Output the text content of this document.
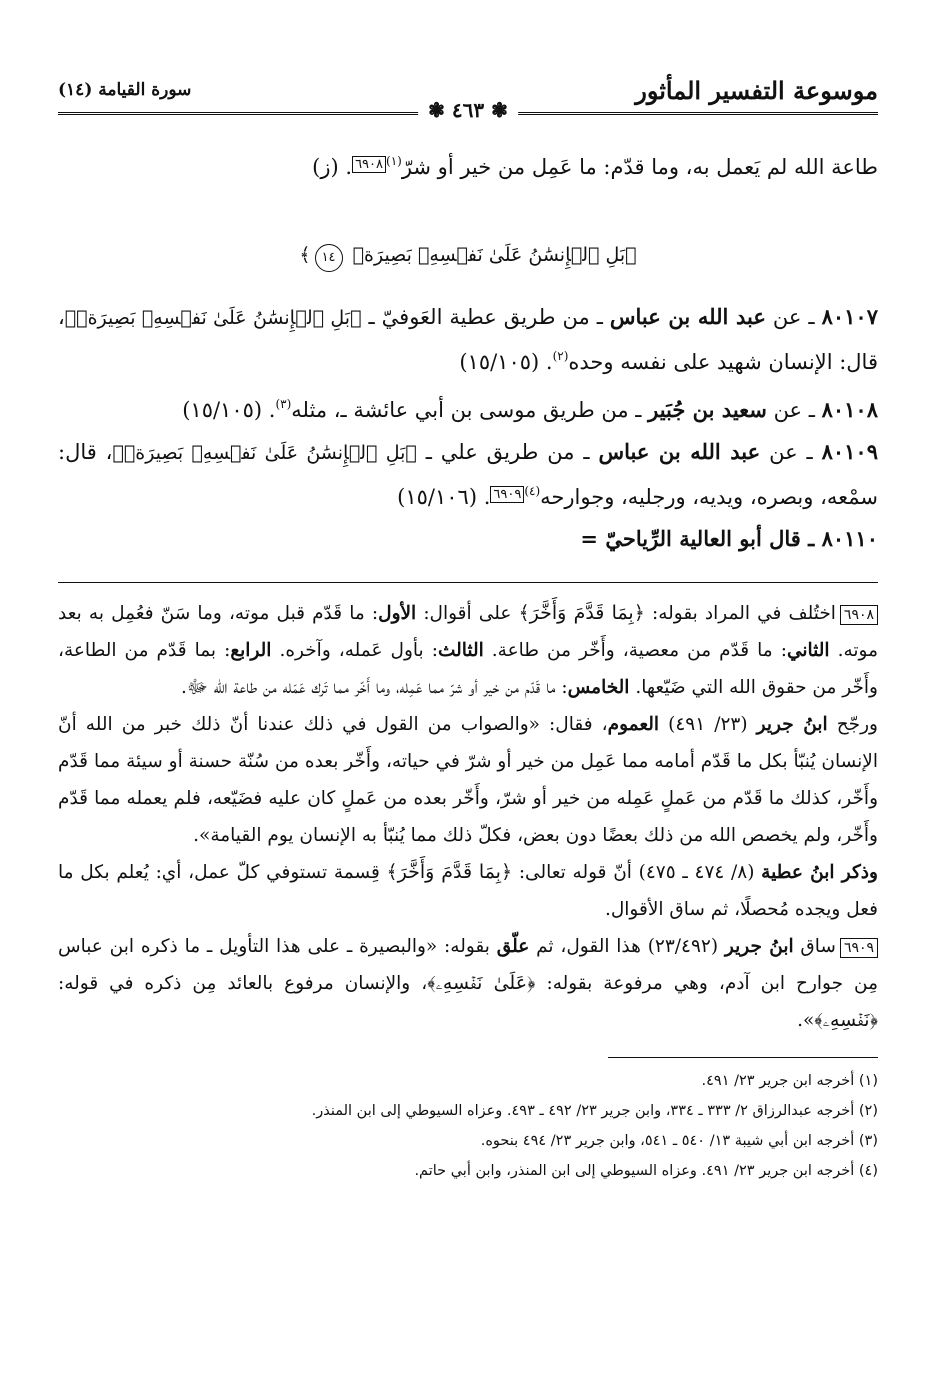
موسوعة التفسير المأثور
سورة القيامة (١٤)
❃ ٤٦٣ ❃

طاعة الله لم يَعمل به، وما قدّم: ما عَمِل من خير أو شرّ$^{(١)}$٦٩٠٨. (ز)

﴿بَلِ ٱلۡإِنسَٰنُ عَلَىٰ نَفۡسِهِۦ بَصِيرَةٞ ١٤﴾

٨٠١٠٧ ـ عن عبد الله بن عباس ـ من طريق عطية العَوفيّ ـ ﴿بَلِ ٱلۡإِنسَٰنُ عَلَىٰ نَفۡسِهِۦ بَصِيرَةٞ﴾، قال: الإنسان شهيد على نفسه وحده$^{(٢)}$. (١٥/١٠٥)

٨٠١٠٨ ـ عن سعيد بن جُبَير ـ من طريق موسى بن أبي عائشة ـ، مثله$^{(٣)}$. (١٥/١٠٥)

٨٠١٠٩ ـ عن عبد الله بن عباس ـ من طريق علي ـ ﴿بَلِ ٱلۡإِنسَٰنُ عَلَىٰ نَفۡسِهِۦ بَصِيرَةٞ﴾، قال: سمْعه، وبصره، ويديه، ورجليه، وجوارحه$^{(٤)}$٦٩٠٩. (١٥/١٠٦)

٨٠١١٠ ـ قال أبو العالية الرِّياحيّ =

٦٩٠٨اختُلف في المراد بقوله: ﴿بِمَا قَدَّمَ وَأَخَّرَ﴾ على أقوال: الأول: ما قَدّم قبل موته، وما سَنّ فعُمِل به بعد موته. الثاني: ما قَدّم من معصية، وأَخّر من طاعة. الثالث: بأول عَمله، وآخره. الرابع: بما قَدّم من الطاعة، وأَخّر من حقوق الله التي ضَيّعها. الخامس: ما قَدّم من خير أو شرّ مما عَمِله، وما أَخّر مما تَرك عَمَله من طاعة الله ﷻ.

ورجّح ابنُ جرير (٢٣/ ٤٩١) العموم، فقال: «والصواب من القول في ذلك عندنا أنّ ذلك خبر من الله أنّ الإنسان يُنبّأ بكل ما قَدّم أمامه مما عَمِل من خير أو شرّ في حياته، وأَخّر بعده من سُنّة حسنة أو سيئة مما قَدّم وأَخّر، كذلك ما قَدّم من عَملٍ عَمِله من خير أو شرّ، وأَخّر بعده من عَملٍ كان عليه فضَيّعه، فلم يعمله مما قَدّم وأَخّر، ولم يخصص الله من ذلك بعضًا دون بعض، فكلّ ذلك مما يُنبّأ به الإنسان يوم القيامة».

وذكر ابنُ عطية (٨/ ٤٧٤ ـ ٤٧٥) أنّ قوله تعالى: ﴿بِمَا قَدَّمَ وَأَخَّرَ﴾ قِسمة تستوفي كلّ عمل، أي: يُعلم بكل ما فعل ويجده مُحصلًا، ثم ساق الأقوال.

٦٩٠٩ساق ابنُ جرير (٢٣/٤٩٢) هذا القول، ثم علّق بقوله: «والبصيرة ـ على هذا التأويل ـ ما ذكره ابن عباس مِن جوارح ابن آدم، وهي مرفوعة بقوله: ﴿عَلَىٰ نَفۡسِهِۦ﴾، والإنسان مرفوع بالعائد مِن ذكره في قوله: ﴿نَفۡسِهِۦ﴾».

(١) أخرجه ابن جرير ٢٣/ ٤٩١.
(٢) أخرجه عبدالرزاق ٢/ ٣٣٣ ـ ٣٣٤، وابن جرير ٢٣/ ٤٩٢ ـ ٤٩٣. وعزاه السيوطي إلى ابن المنذر.
(٣) أخرجه ابن أبي شيبة ١٣/ ٥٤٠ ـ ٥٤١، وابن جرير ٢٣/ ٤٩٤ بنحوه.
(٤) أخرجه ابن جرير ٢٣/ ٤٩١. وعزاه السيوطي إلى ابن المنذر، وابن أبي حاتم.
